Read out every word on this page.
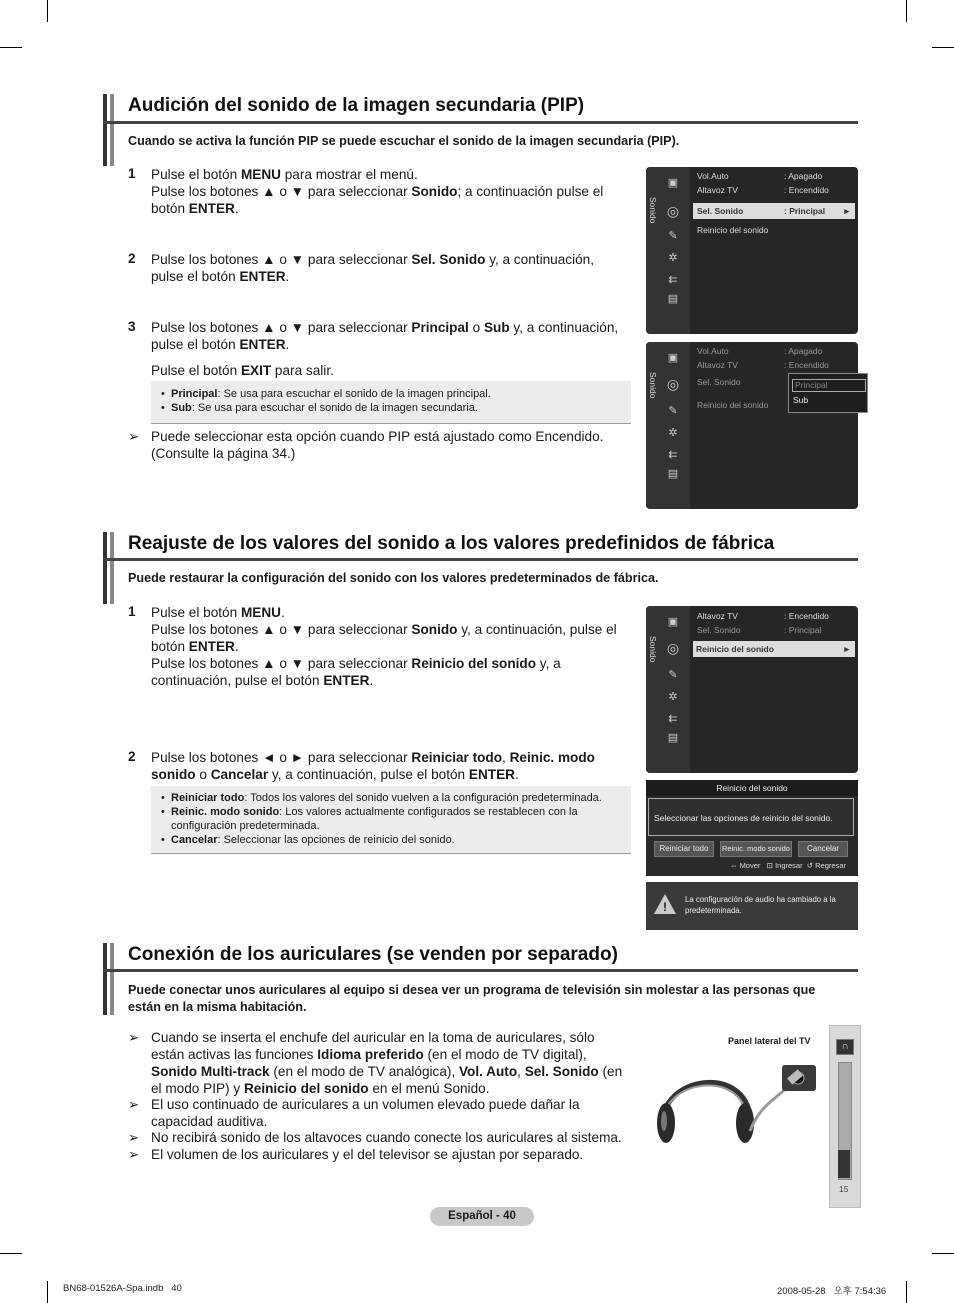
Audición del sonido de la imagen secundaria (PIP)
Cuando se activa la función PIP se puede escuchar el sonido de la imagen secundaria (PIP).
1 Pulse el botón MENU para mostrar el menú.
Pulse los botones ▲ o ▼ para seleccionar Sonido; a continuación pulse el botón ENTER.
2 Pulse los botones ▲ o ▼ para seleccionar Sel. Sonido y, a continuación, pulse el botón ENTER.
3 Pulse los botones ▲ o ▼ para seleccionar Principal o Sub y, a continuación, pulse el botón ENTER.
Pulse el botón EXIT para salir.
• Principal: Se usa para escuchar el sonido de la imagen principal.
• Sub: Se usa para escuchar el sonido de la imagen secundaria.
➢ Puede seleccionar esta opción cuando PIP está ajustado como Encendido. (Consulte la página 34.)
Sonido
▣
◎
✎
✲
⇇
▤
Vol.Auto	: Apagado
Altavoz TV	: Encendido
Sel. Sonido	: Principal ►
Reinicio del sonido
Sonido
▣
◎
✎
✲
⇇
▤
Vol.Auto	: Apagado
Altavoz TV	: Encendido
Sel. Sonido
Reinicio del sonido
Principal
Sub
Reajuste de los valores del sonido a los valores predefinidos de fábrica
Puede restaurar la configuración del sonido con los valores predeterminados de fábrica.
1 Pulse el botón MENU.
Pulse los botones ▲ o ▼ para seleccionar Sonido y, a continuación, pulse el botón ENTER.
Pulse los botones ▲ o ▼ para seleccionar Reinicio del sonido y, a continuación, pulse el botón ENTER.
2 Pulse los botones ◄ o ► para seleccionar Reiniciar todo, Reinic. modo sonido o Cancelar y, a continuación, pulse el botón ENTER.
• Reiniciar todo: Todos los valores del sonido vuelven a la configuración predeterminada.
• Reinic. modo sonido: Los valores actualmente configurados se restablecen con la configuración predeterminada.
• Cancelar: Seleccionar las opciones de reinicio del sonido.
Sonido
▣
◎
✎
✲
⇇
▤
Altavoz TV	: Encendido
Sel. Sonido	: Principal
Reinicio del sonido	►
Reinicio del sonido
Seleccionar las opciones de reinicio del sonido.
Reiniciar todo	Reinic. modo sonido	Cancelar
⇔ Mover ⊡ Ingresar ↺ Regresar
!
La configuración de audio ha cambiado a la predeterminada.
Conexión de los auriculares (se venden por separado)
Puede conectar unos auriculares al equipo si desea ver un programa de televisión sin molestar a las personas que están en la misma habitación.
➢ Cuando se inserta el enchufe del auricular en la toma de auriculares, sólo están activas las funciones Idioma preferido (en el modo de TV digital), Sonido Multi-track (en el modo de TV analógica), Vol. Auto, Sel. Sonido (en el modo PIP) y Reinicio del sonido en el menú Sonido.
➢ El uso continuado de auriculares a un volumen elevado puede dañar la capacidad auditiva.
➢ No recibirá sonido de los altavoces cuando conecte los auriculares al sistema.
➢ El volumen de los auriculares y el del televisor se ajustan por separado.
Panel lateral del TV	∩
15
Español - 40
BN68-01526A-Spa.indb   40	2008-05-28   오후 7:54:36
